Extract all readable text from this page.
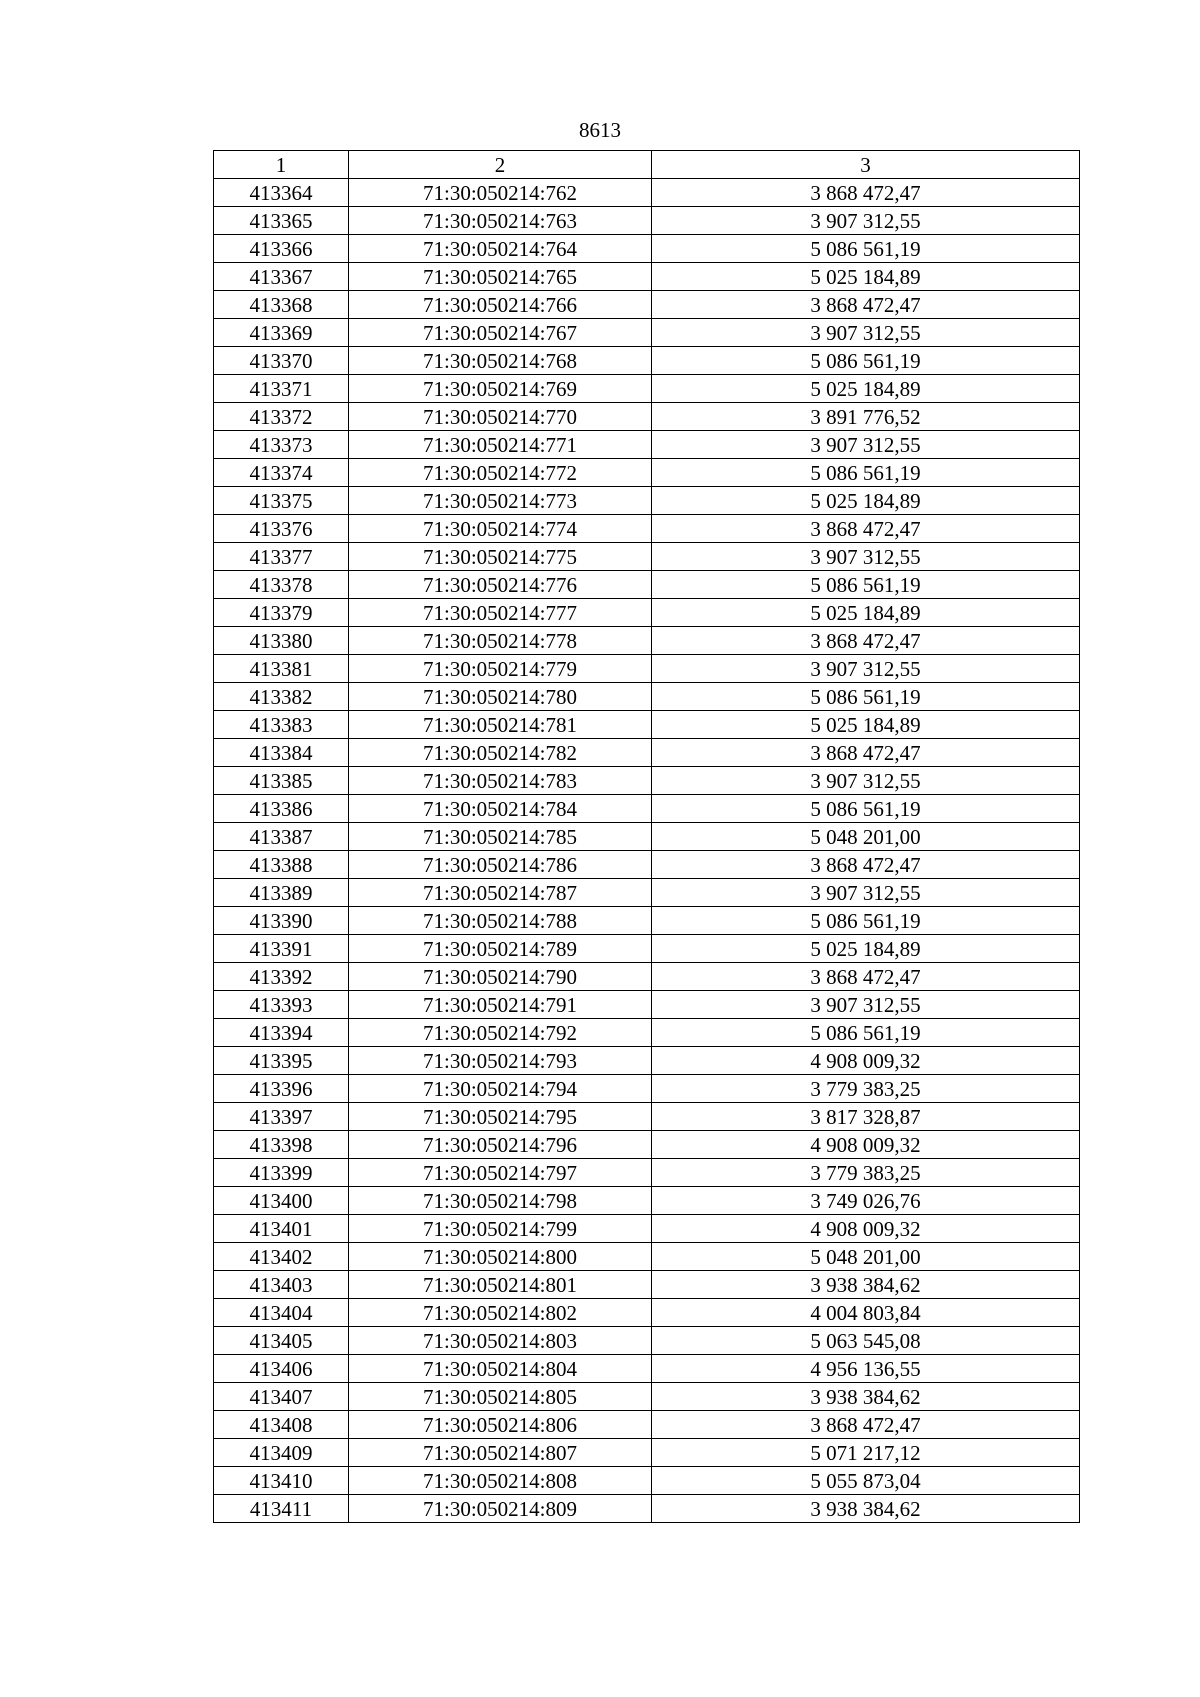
8613
1	2	3
413364	71:30:050214:762	3 868 472,47
413365	71:30:050214:763	3 907 312,55
413366	71:30:050214:764	5 086 561,19
413367	71:30:050214:765	5 025 184,89
413368	71:30:050214:766	3 868 472,47
413369	71:30:050214:767	3 907 312,55
413370	71:30:050214:768	5 086 561,19
413371	71:30:050214:769	5 025 184,89
413372	71:30:050214:770	3 891 776,52
413373	71:30:050214:771	3 907 312,55
413374	71:30:050214:772	5 086 561,19
413375	71:30:050214:773	5 025 184,89
413376	71:30:050214:774	3 868 472,47
413377	71:30:050214:775	3 907 312,55
413378	71:30:050214:776	5 086 561,19
413379	71:30:050214:777	5 025 184,89
413380	71:30:050214:778	3 868 472,47
413381	71:30:050214:779	3 907 312,55
413382	71:30:050214:780	5 086 561,19
413383	71:30:050214:781	5 025 184,89
413384	71:30:050214:782	3 868 472,47
413385	71:30:050214:783	3 907 312,55
413386	71:30:050214:784	5 086 561,19
413387	71:30:050214:785	5 048 201,00
413388	71:30:050214:786	3 868 472,47
413389	71:30:050214:787	3 907 312,55
413390	71:30:050214:788	5 086 561,19
413391	71:30:050214:789	5 025 184,89
413392	71:30:050214:790	3 868 472,47
413393	71:30:050214:791	3 907 312,55
413394	71:30:050214:792	5 086 561,19
413395	71:30:050214:793	4 908 009,32
413396	71:30:050214:794	3 779 383,25
413397	71:30:050214:795	3 817 328,87
413398	71:30:050214:796	4 908 009,32
413399	71:30:050214:797	3 779 383,25
413400	71:30:050214:798	3 749 026,76
413401	71:30:050214:799	4 908 009,32
413402	71:30:050214:800	5 048 201,00
413403	71:30:050214:801	3 938 384,62
413404	71:30:050214:802	4 004 803,84
413405	71:30:050214:803	5 063 545,08
413406	71:30:050214:804	4 956 136,55
413407	71:30:050214:805	3 938 384,62
413408	71:30:050214:806	3 868 472,47
413409	71:30:050214:807	5 071 217,12
413410	71:30:050214:808	5 055 873,04
413411	71:30:050214:809	3 938 384,62
